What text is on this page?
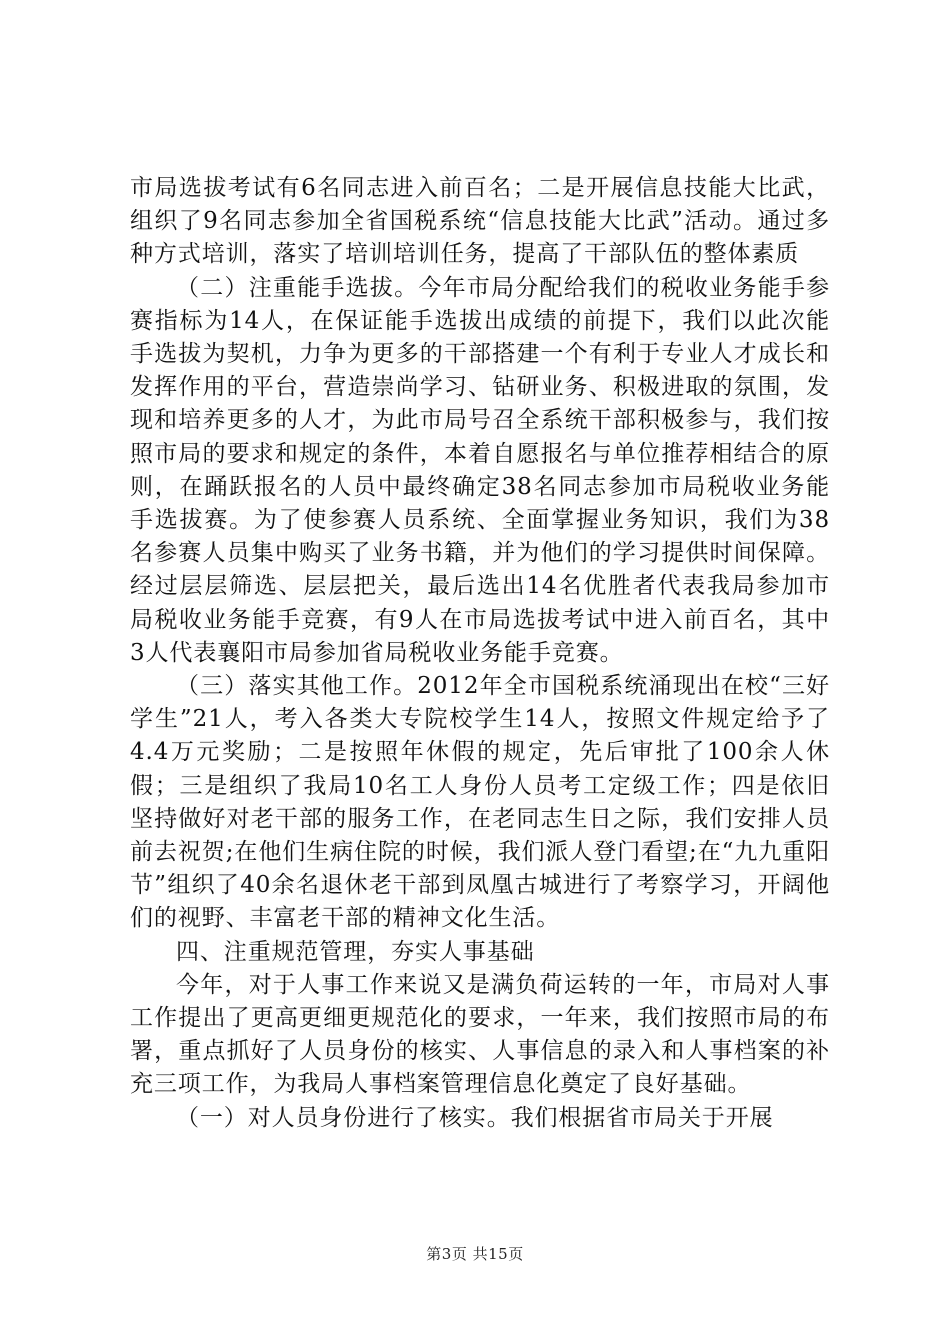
市局选拔考试有6名同志进入前百名；二是开展信息技能大比武，组织了9名同志参加全省国税系统“信息技能大比武”活动。通过多种方式培训，落实了培训培训任务，提高了干部队伍的整体素质

（二）注重能手选拔。今年市局分配给我们的税收业务能手参赛指标为14人，在保证能手选拔出成绩的前提下，我们以此次能手选拔为契机，力争为更多的干部搭建一个有利于专业人才成长和发挥作用的平台，营造崇尚学习、钻研业务、积极进取的氛围，发现和培养更多的人才，为此市局号召全系统干部积极参与，我们按照市局的要求和规定的条件，本着自愿报名与单位推荐相结合的原则，在踊跃报名的人员中最终确定38名同志参加市局税收业务能手选拔赛。为了使参赛人员系统、全面掌握业务知识，我们为38名参赛人员集中购买了业务书籍，并为他们的学习提供时间保障。经过层层筛选、层层把关，最后选出14名优胜者代表我局参加市局税收业务能手竞赛，有9人在市局选拔考试中进入前百名，其中3人代表襄阳市局参加省局税收业务能手竞赛。

（三）落实其他工作。2012年全市国税系统涌现出在校“三好学生”21人，考入各类大专院校学生14人，按照文件规定给予了4.4万元奖励；二是按照年休假的规定，先后审批了100余人休假；三是组织了我局10名工人身份人员考工定级工作；四是依旧坚持做好对老干部的服务工作，在老同志生日之际，我们安排人员前去祝贺;在他们生病住院的时候，我们派人登门看望;在“九九重阳节”组织了40余名退休老干部到凤凰古城进行了考察学习，开阔他们的视野、丰富老干部的精神文化生活。

四、注重规范管理，夯实人事基础

今年，对于人事工作来说又是满负荷运转的一年，市局对人事工作提出了更高更细更规范化的要求，一年来，我们按照市局的布署，重点抓好了人员身份的核实、人事信息的录入和人事档案的补充三项工作，为我局人事档案管理信息化奠定了良好基础。

（一）对人员身份进行了核实。我们根据省市局关于开展

第3页 共15页
